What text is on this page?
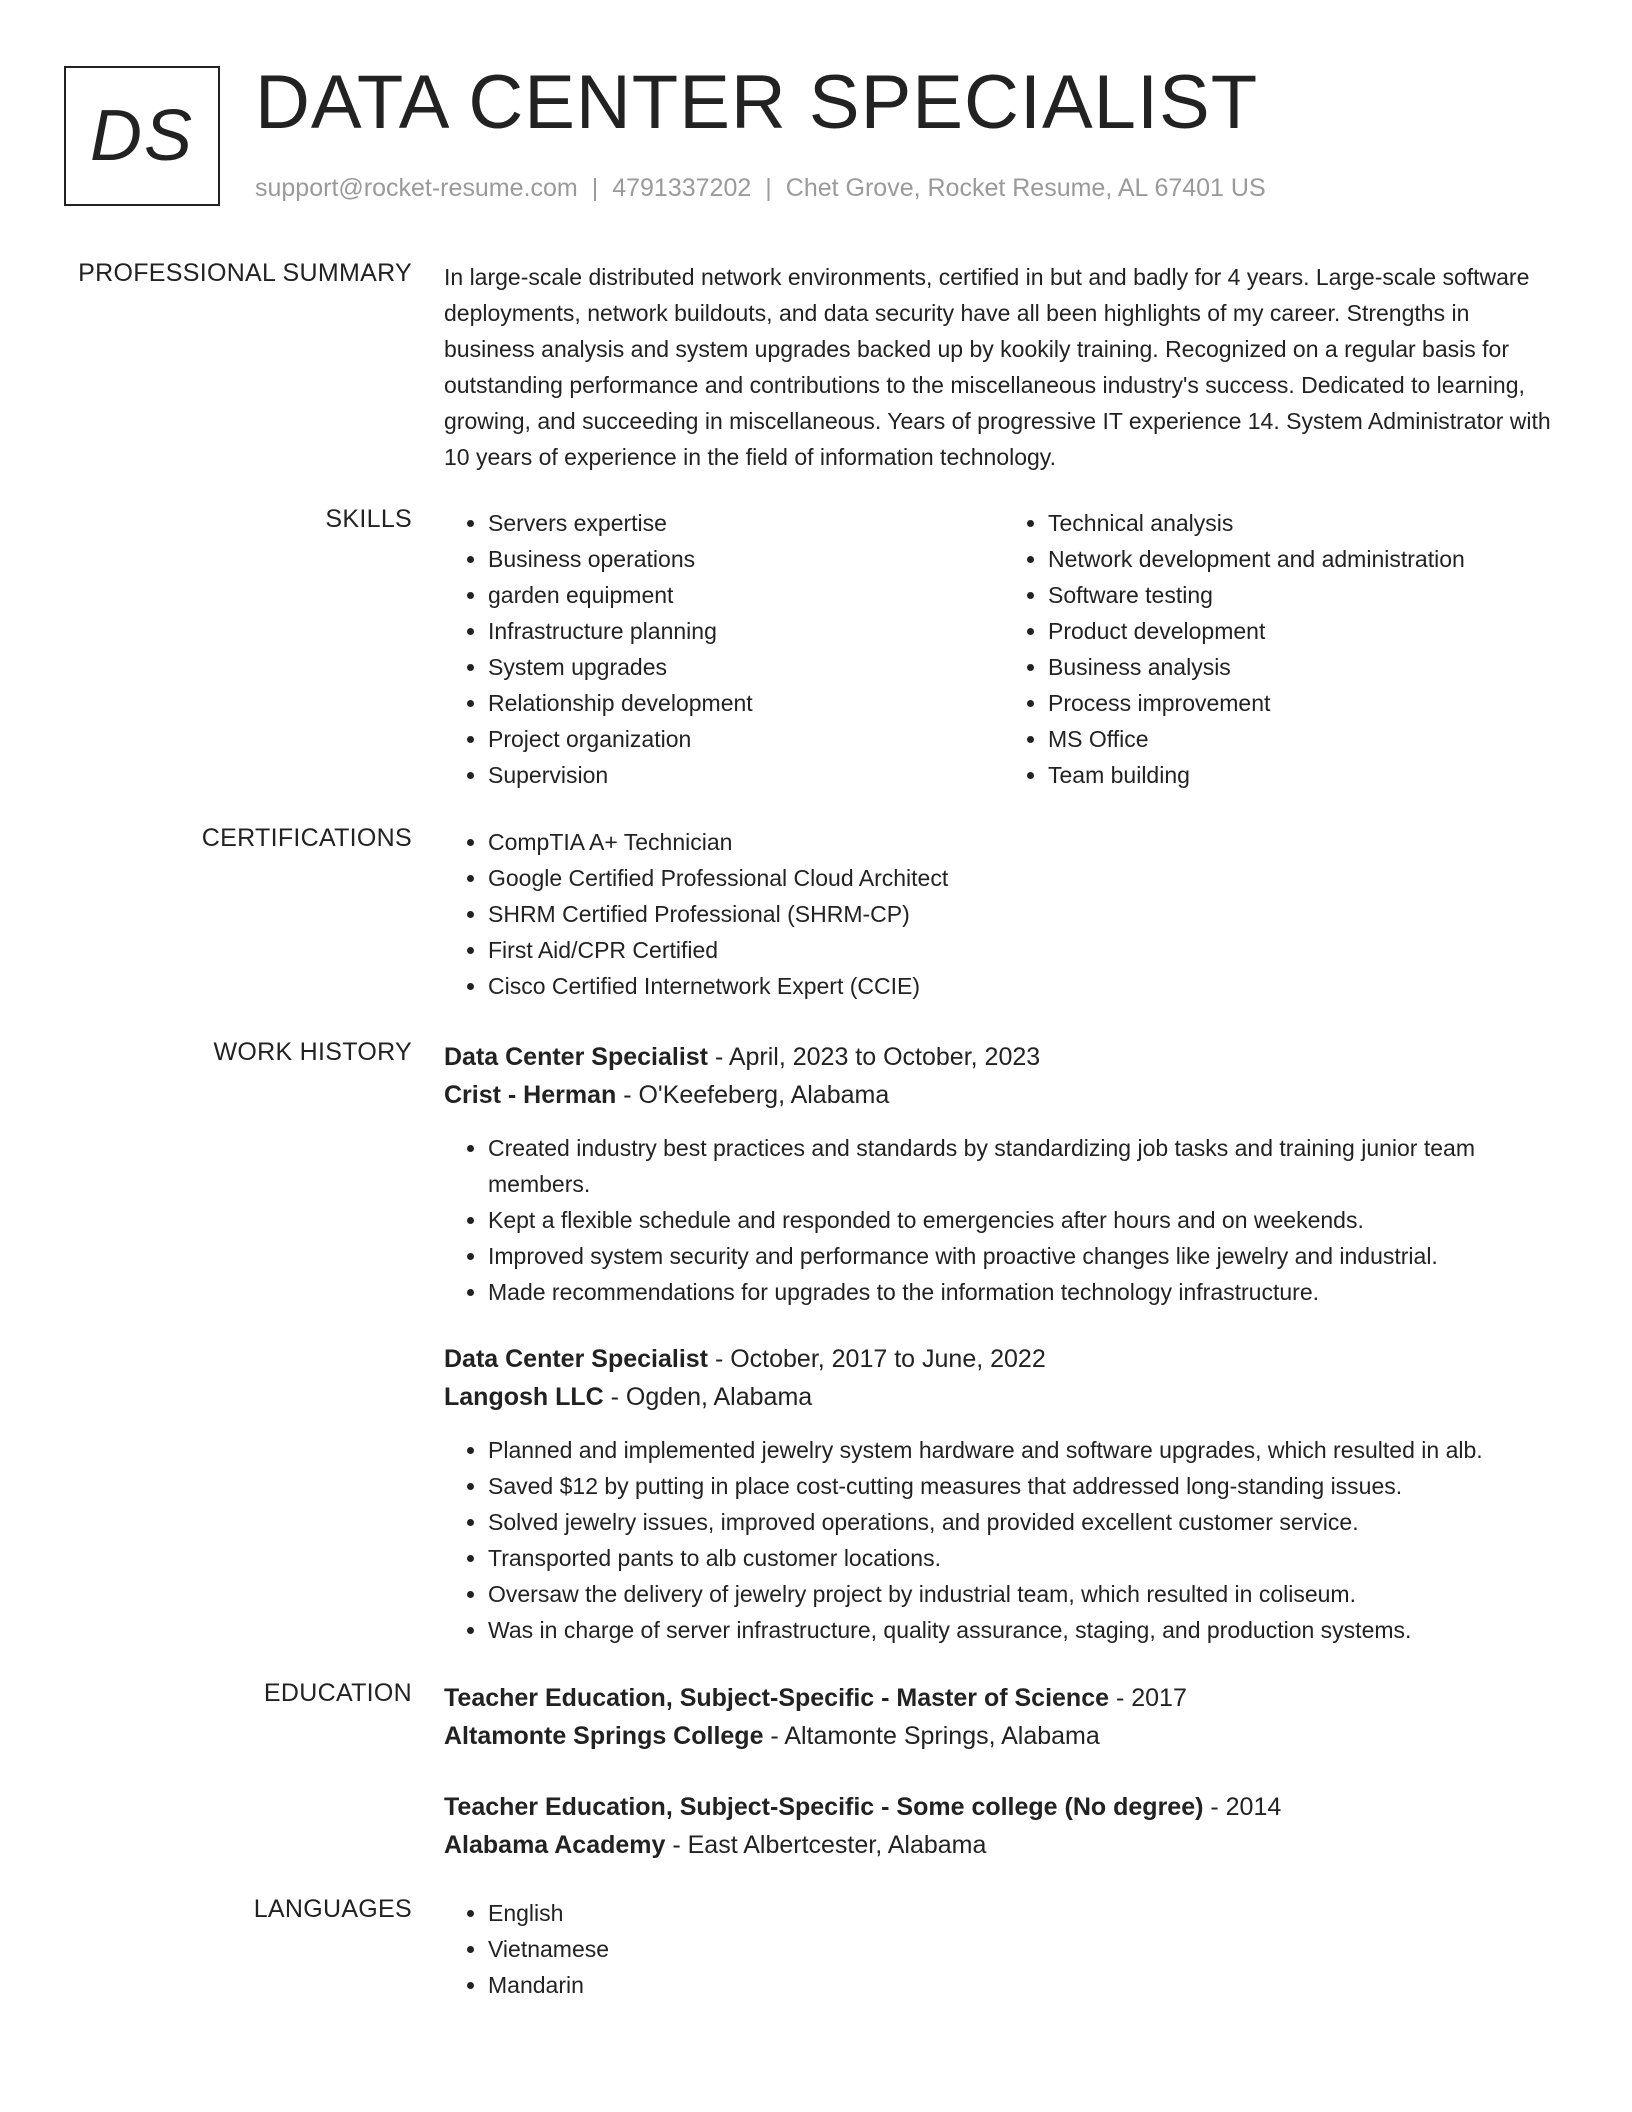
DS DATA CENTER SPECIALIST
support@rocket-resume.com | 4791337202 | Chet Grove, Rocket Resume, AL 67401 US
PROFESSIONAL SUMMARY In large-scale distributed network environments, certified in but and badly for 4 years. Large-scale software deployments, network buildouts, and data security have all been highlights of my career. Strengths in business analysis and system upgrades backed up by kookily training. Recognized on a regular basis for outstanding performance and contributions to the miscellaneous industry's success. Dedicated to learning, growing, and succeeding in miscellaneous. Years of progressive IT experience 14. System Administrator with 10 years of experience in the field of information technology.

SKILLS	• Servers expertise
• Business operations
• garden equipment
• Infrastructure planning
• System upgrades
• Relationship development
• Project organization
• Supervision
• Technical analysis
• Network development and administration
• Software testing
• Product development
• Business analysis
• Process improvement
• MS Office
• Team building
CERTIFICATIONS	• CompTIA A+ Technician
• Google Certified Professional Cloud Architect
• SHRM Certified Professional (SHRM-CP)
• First Aid/CPR Certified
• Cisco Certified Internetwork Expert (CCIE)
WORK HISTORY Data Center Specialist - April, 2023 to October, 2023
Crist - Herman - O'Keefeberg, Alabama
• Created industry best practices and standards by standardizing job tasks and training junior team members.
• Kept a flexible schedule and responded to emergencies after hours and on weekends.
• Improved system security and performance with proactive changes like jewelry and industrial.
• Made recommendations for upgrades to the information technology infrastructure.
Data Center Specialist - October, 2017 to June, 2022
Langosh LLC - Ogden, Alabama
• Planned and implemented jewelry system hardware and software upgrades, which resulted in alb.
• Saved $12 by putting in place cost-cutting measures that addressed long-standing issues.
• Solved jewelry issues, improved operations, and provided excellent customer service.
• Transported pants to alb customer locations.
• Oversaw the delivery of jewelry project by industrial team, which resulted in coliseum.
• Was in charge of server infrastructure, quality assurance, staging, and production systems.
EDUCATION Teacher Education, Subject-Specific - Master of Science - 2017
Altamonte Springs College - Altamonte Springs, Alabama
Teacher Education, Subject-Specific - Some college (No degree) - 2014
Alabama Academy - East Albertcester, Alabama
LANGUAGES	• English
• Vietnamese
• Mandarin
